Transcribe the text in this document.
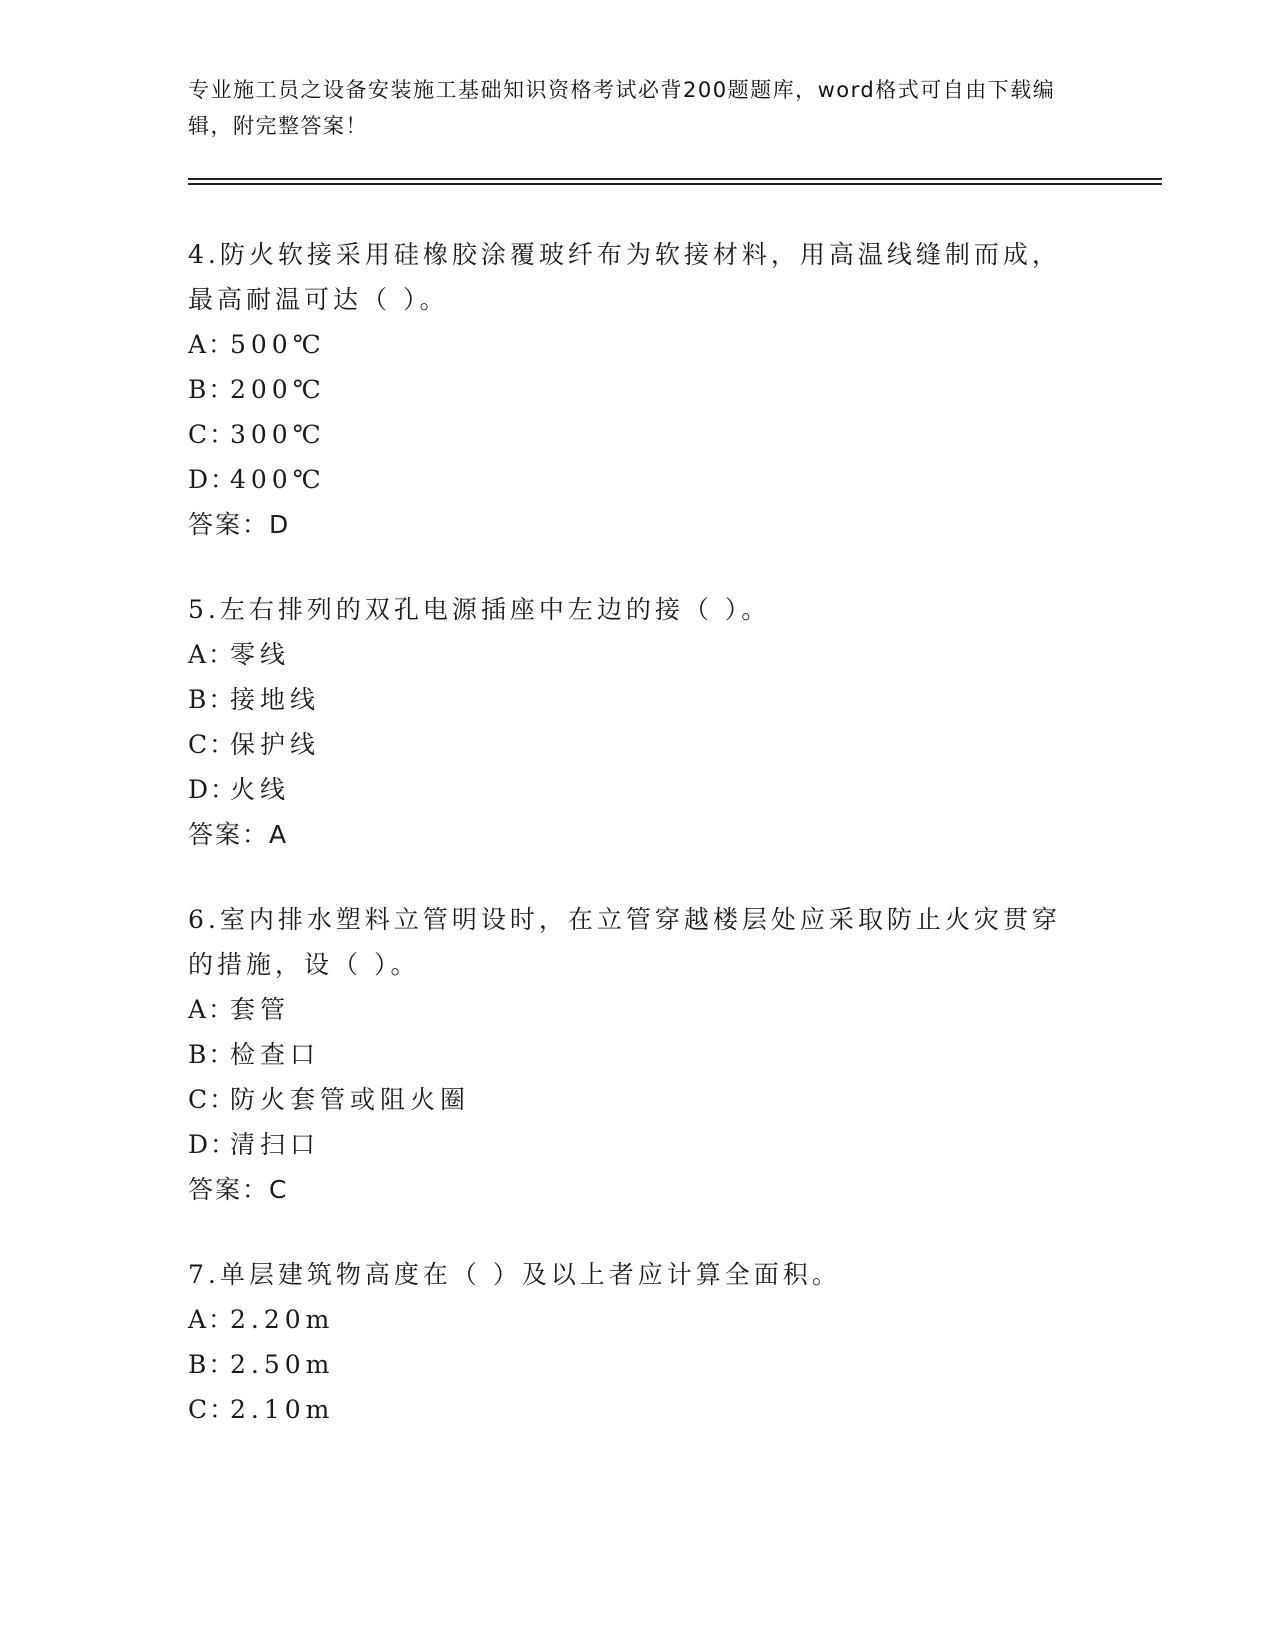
专业施工员之设备安装施工基础知识资格考试必背200题题库，word格式可自由下载编辑，附完整答案！

4.防火软接采用硅橡胶涂覆玻纤布为软接材料，用高温线缝制而成，最高耐温可达（ ）。

A：500℃

B：200℃

C：300℃

D：400℃

答案：D

5.左右排列的双孔电源插座中左边的接（ ）。

A：零线

B：接地线

C：保护线

D：火线

答案：A

6.室内排水塑料立管明设时，在立管穿越楼层处应采取防止火灾贯穿的措施，设（ ）。

A：套管

B：检查口

C：防火套管或阻火圈

D：清扫口

答案：C

7.单层建筑物高度在（ ）及以上者应计算全面积。

A：2.20m

B：2.50m

C：2.10m
